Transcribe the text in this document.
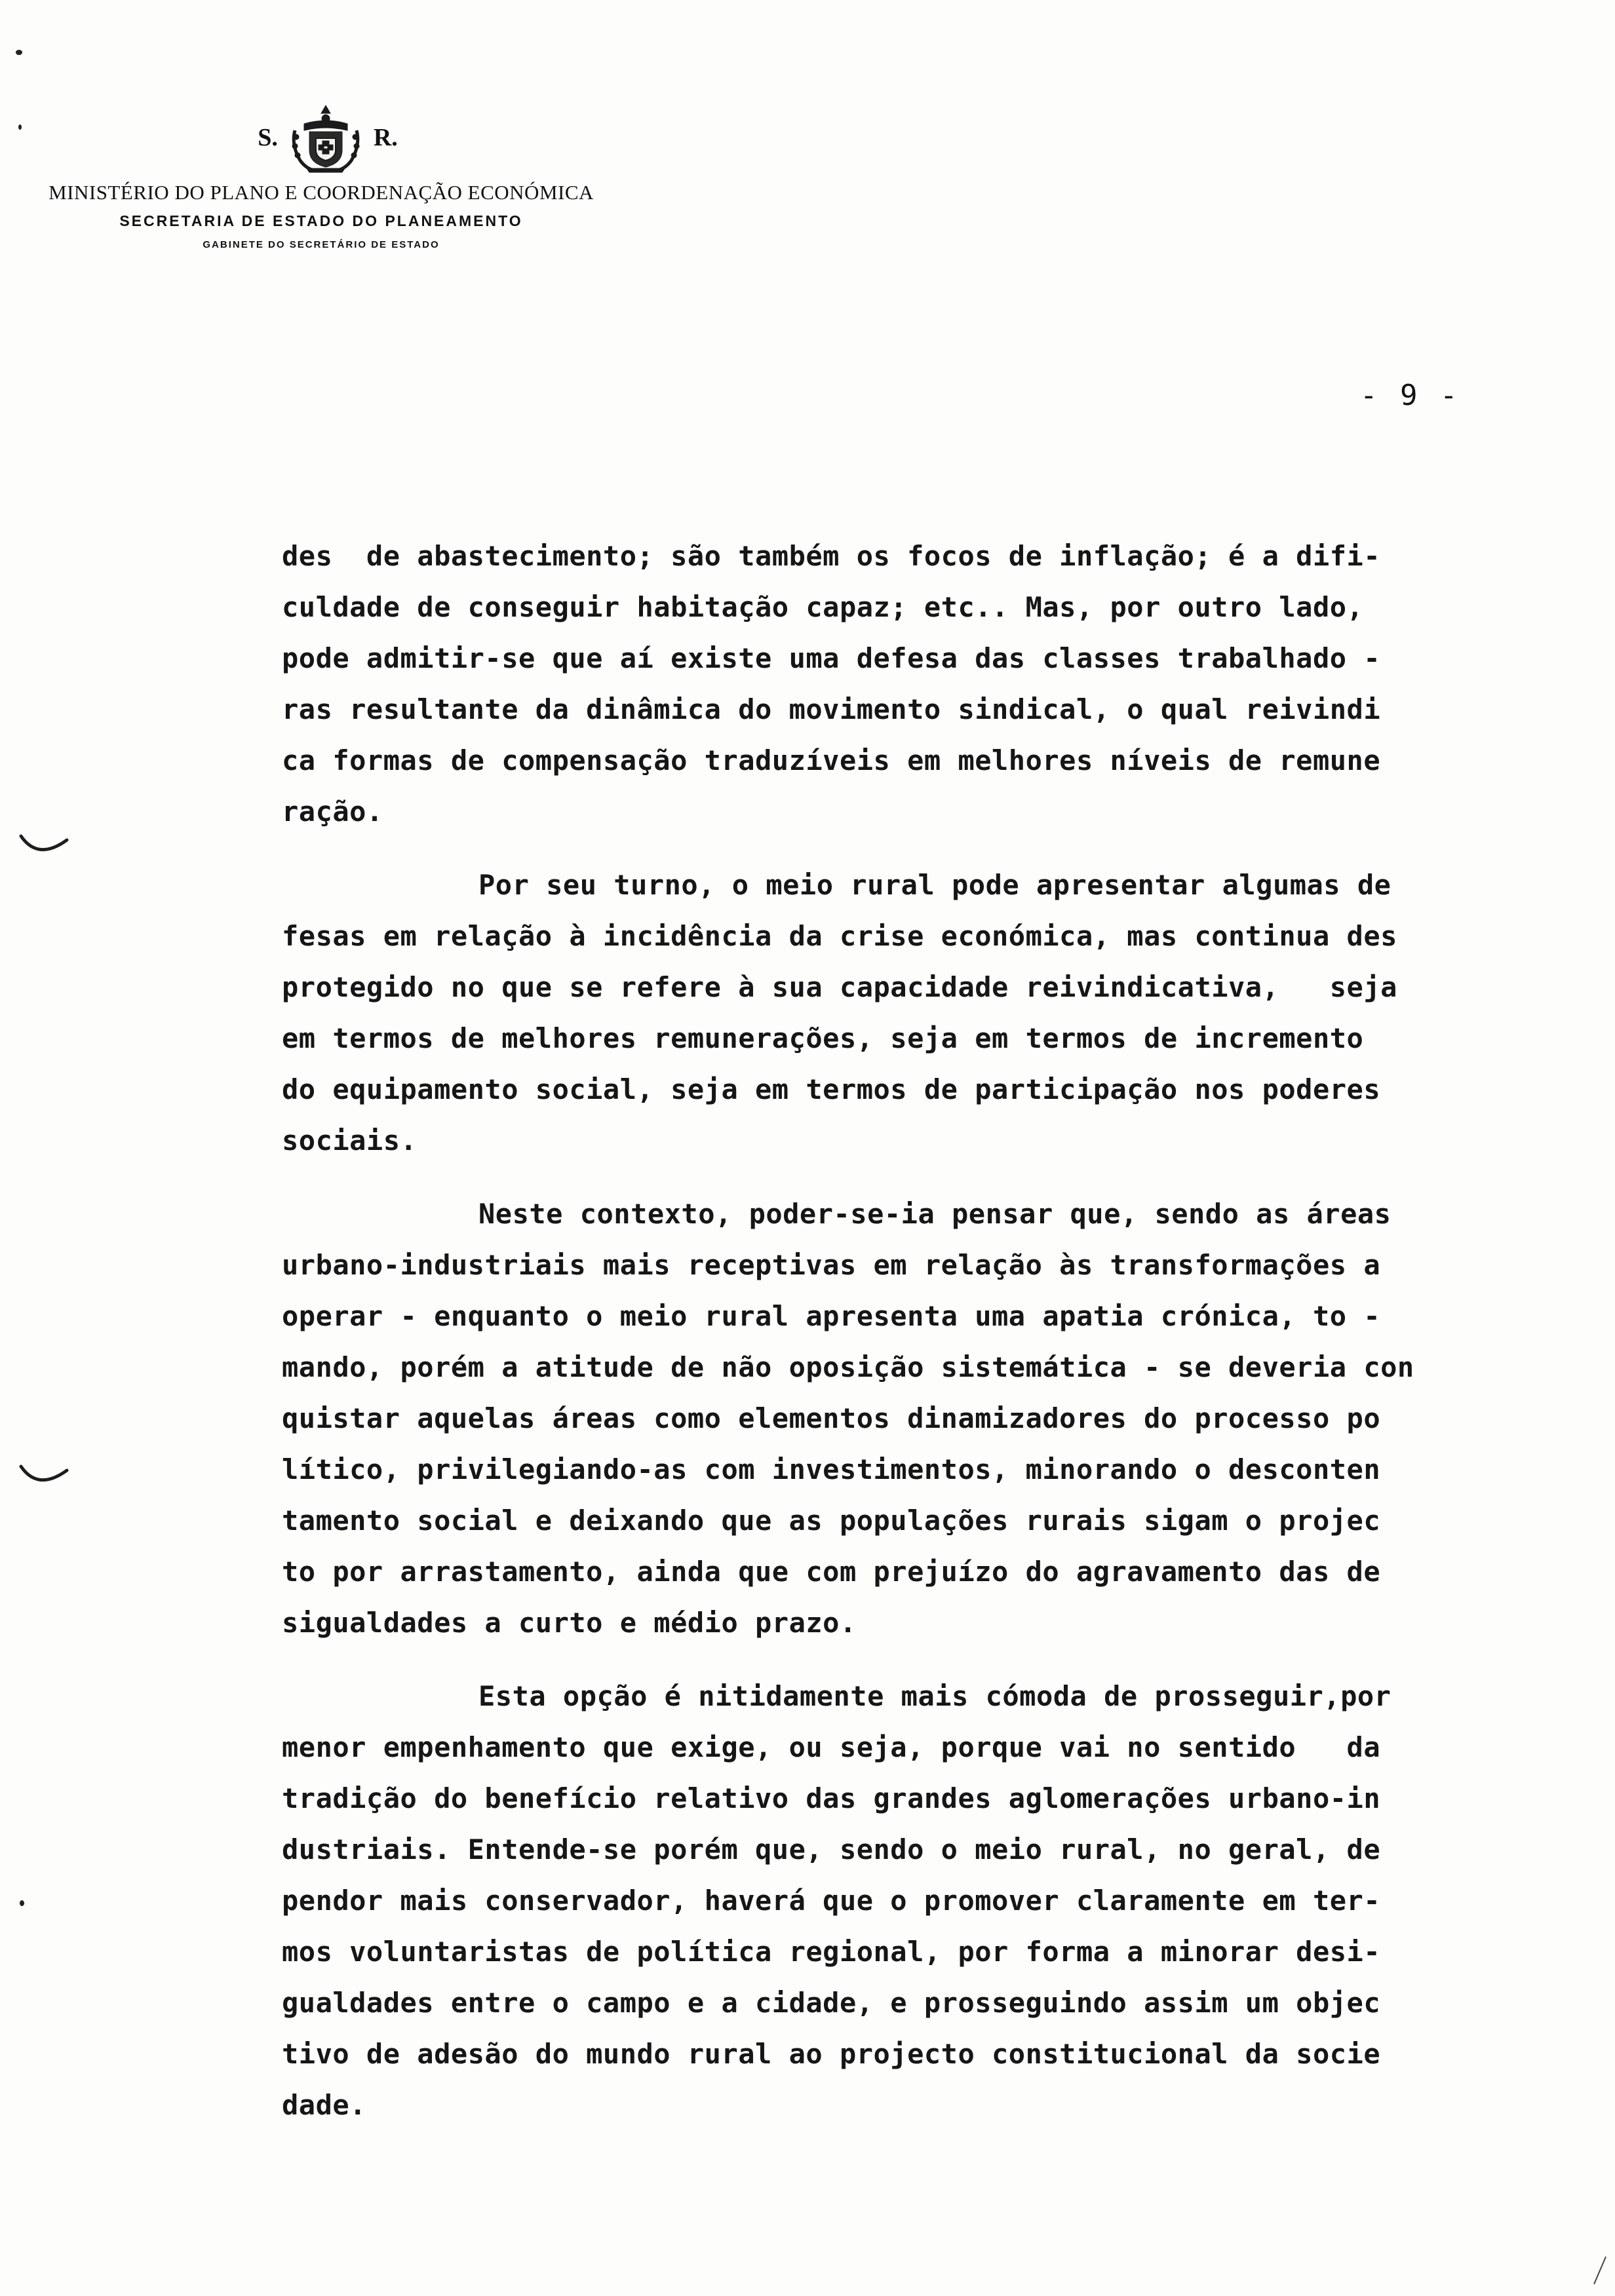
S.	R.
MINISTÉRIO DO PLANO E COORDENAÇÃO ECONÓMICA
SECRETARIA DE ESTADO DO PLANEAMENTO
GABINETE DO SECRETÁRIO DE ESTADO
- 9 -
des  de abastecimento; são também os focos de inflação; é a difi-
culdade de conseguir habitação capaz; etc.. Mas, por outro lado,
pode admitir-se que aí existe uma defesa das classes trabalhado -
ras resultante da dinâmica do movimento sindical, o qual reivindi
ca formas de compensação traduzíveis em melhores níveis de remune
ração.
Por seu turno, o meio rural pode apresentar algumas de
fesas em relação à incidência da crise económica, mas continua des
protegido no que se refere à sua capacidade reivindicativa,   seja
em termos de melhores remunerações, seja em termos de incremento
do equipamento social, seja em termos de participação nos poderes
sociais.
Neste contexto, poder-se-ia pensar que, sendo as áreas
urbano-industriais mais receptivas em relação às transformações a
operar - enquanto o meio rural apresenta uma apatia crónica, to -
mando, porém a atitude de não oposição sistemática - se deveria con
quistar aquelas áreas como elementos dinamizadores do processo po
lítico, privilegiando-as com investimentos, minorando o desconten
tamento social e deixando que as populações rurais sigam o projec
to por arrastamento, ainda que com prejuízo do agravamento das de
sigualdades a curto e médio prazo.
Esta opção é nitidamente mais cómoda de prosseguir,por
menor empenhamento que exige, ou seja, porque vai no sentido   da
tradição do benefício relativo das grandes aglomerações urbano-in
dustriais. Entende-se porém que, sendo o meio rural, no geral, de
pendor mais conservador, haverá que o promover claramente em ter-
mos voluntaristas de política regional, por forma a minorar desi-
gualdades entre o campo e a cidade, e prosseguindo assim um objec
tivo de adesão do mundo rural ao projecto constitucional da socie
dade.
